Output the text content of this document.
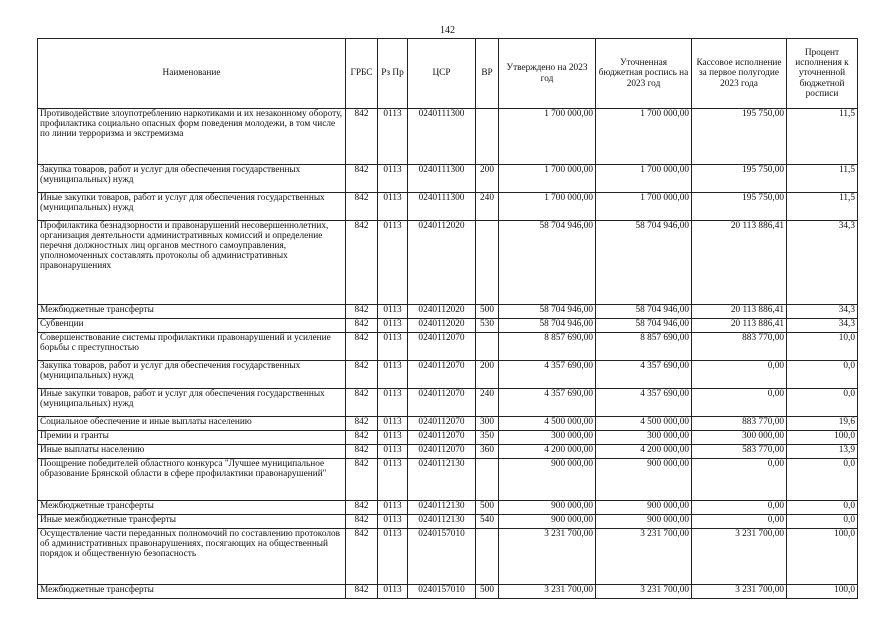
142
Наименование	ГРБС	Рз Пр	ЦСР	ВР	Утверждено на 2023 год	Уточненная бюджетная роспись на 2023 год	Кассовое исполнение за первое полугодие 2023 года	Процент исполнения к уточненной бюджетной росписи
Противодействие злоупотреблению наркотиками и их незаконному обороту, профилактика социально опасных форм поведения молодежи, в том числе по линии терроризма и экстремизма	842	0113	0240111300		1 700 000,00	1 700 000,00	195 750,00	11,5
Закупка товаров, работ и услуг для обеспечения государственных (муниципальных) нужд	842	0113	0240111300	200	1 700 000,00	1 700 000,00	195 750,00	11,5
Иные закупки товаров, работ и услуг для обеспечения государственных (муниципальных) нужд	842	0113	0240111300	240	1 700 000,00	1 700 000,00	195 750,00	11,5
Профилактика безнадзорности и правонарушений несовершеннолетних, организация деятельности административных комиссий и определение перечня должностных лиц органов местного самоуправления, уполномоченных составлять протоколы об административных правонарушениях	842	0113	0240112020		58 704 946,00	58 704 946,00	20 113 886,41	34,3
Межбюджетные трансферты	842	0113	0240112020	500	58 704 946,00	58 704 946,00	20 113 886,41	34,3
Субвенции	842	0113	0240112020	530	58 704 946,00	58 704 946,00	20 113 886,41	34,3
Совершенствование системы профилактики правонарушений и усиление борьбы с преступностью	842	0113	0240112070		8 857 690,00	8 857 690,00	883 770,00	10,0
Закупка товаров, работ и услуг для обеспечения государственных (муниципальных) нужд	842	0113	0240112070	200	4 357 690,00	4 357 690,00	0,00	0,0
Иные закупки товаров, работ и услуг для обеспечения государственных (муниципальных) нужд	842	0113	0240112070	240	4 357 690,00	4 357 690,00	0,00	0,0
Социальное обеспечение и иные выплаты населению	842	0113	0240112070	300	4 500 000,00	4 500 000,00	883 770,00	19,6
Премии и гранты	842	0113	0240112070	350	300 000,00	300 000,00	300 000,00	100,0
Иные выплаты населению	842	0113	0240112070	360	4 200 000,00	4 200 000,00	583 770,00	13,9
Поощрение победителей областного конкурса "Лучшее муниципальное образование Брянской области в сфере профилактики правонарушений"	842	0113	0240112130		900 000,00	900 000,00	0,00	0,0
Межбюджетные трансферты	842	0113	0240112130	500	900 000,00	900 000,00	0,00	0,0
Иные межбюджетные трансферты	842	0113	0240112130	540	900 000,00	900 000,00	0,00	0,0
Осуществление части переданных полномочий по составлению протоколов об административных правонарушениях, посягающих на общественный порядок и общественную безопасность	842	0113	0240157010		3 231 700,00	3 231 700,00	3 231 700,00	100,0
Межбюджетные трансферты	842	0113	0240157010	500	3 231 700,00	3 231 700,00	3 231 700,00	100,0
